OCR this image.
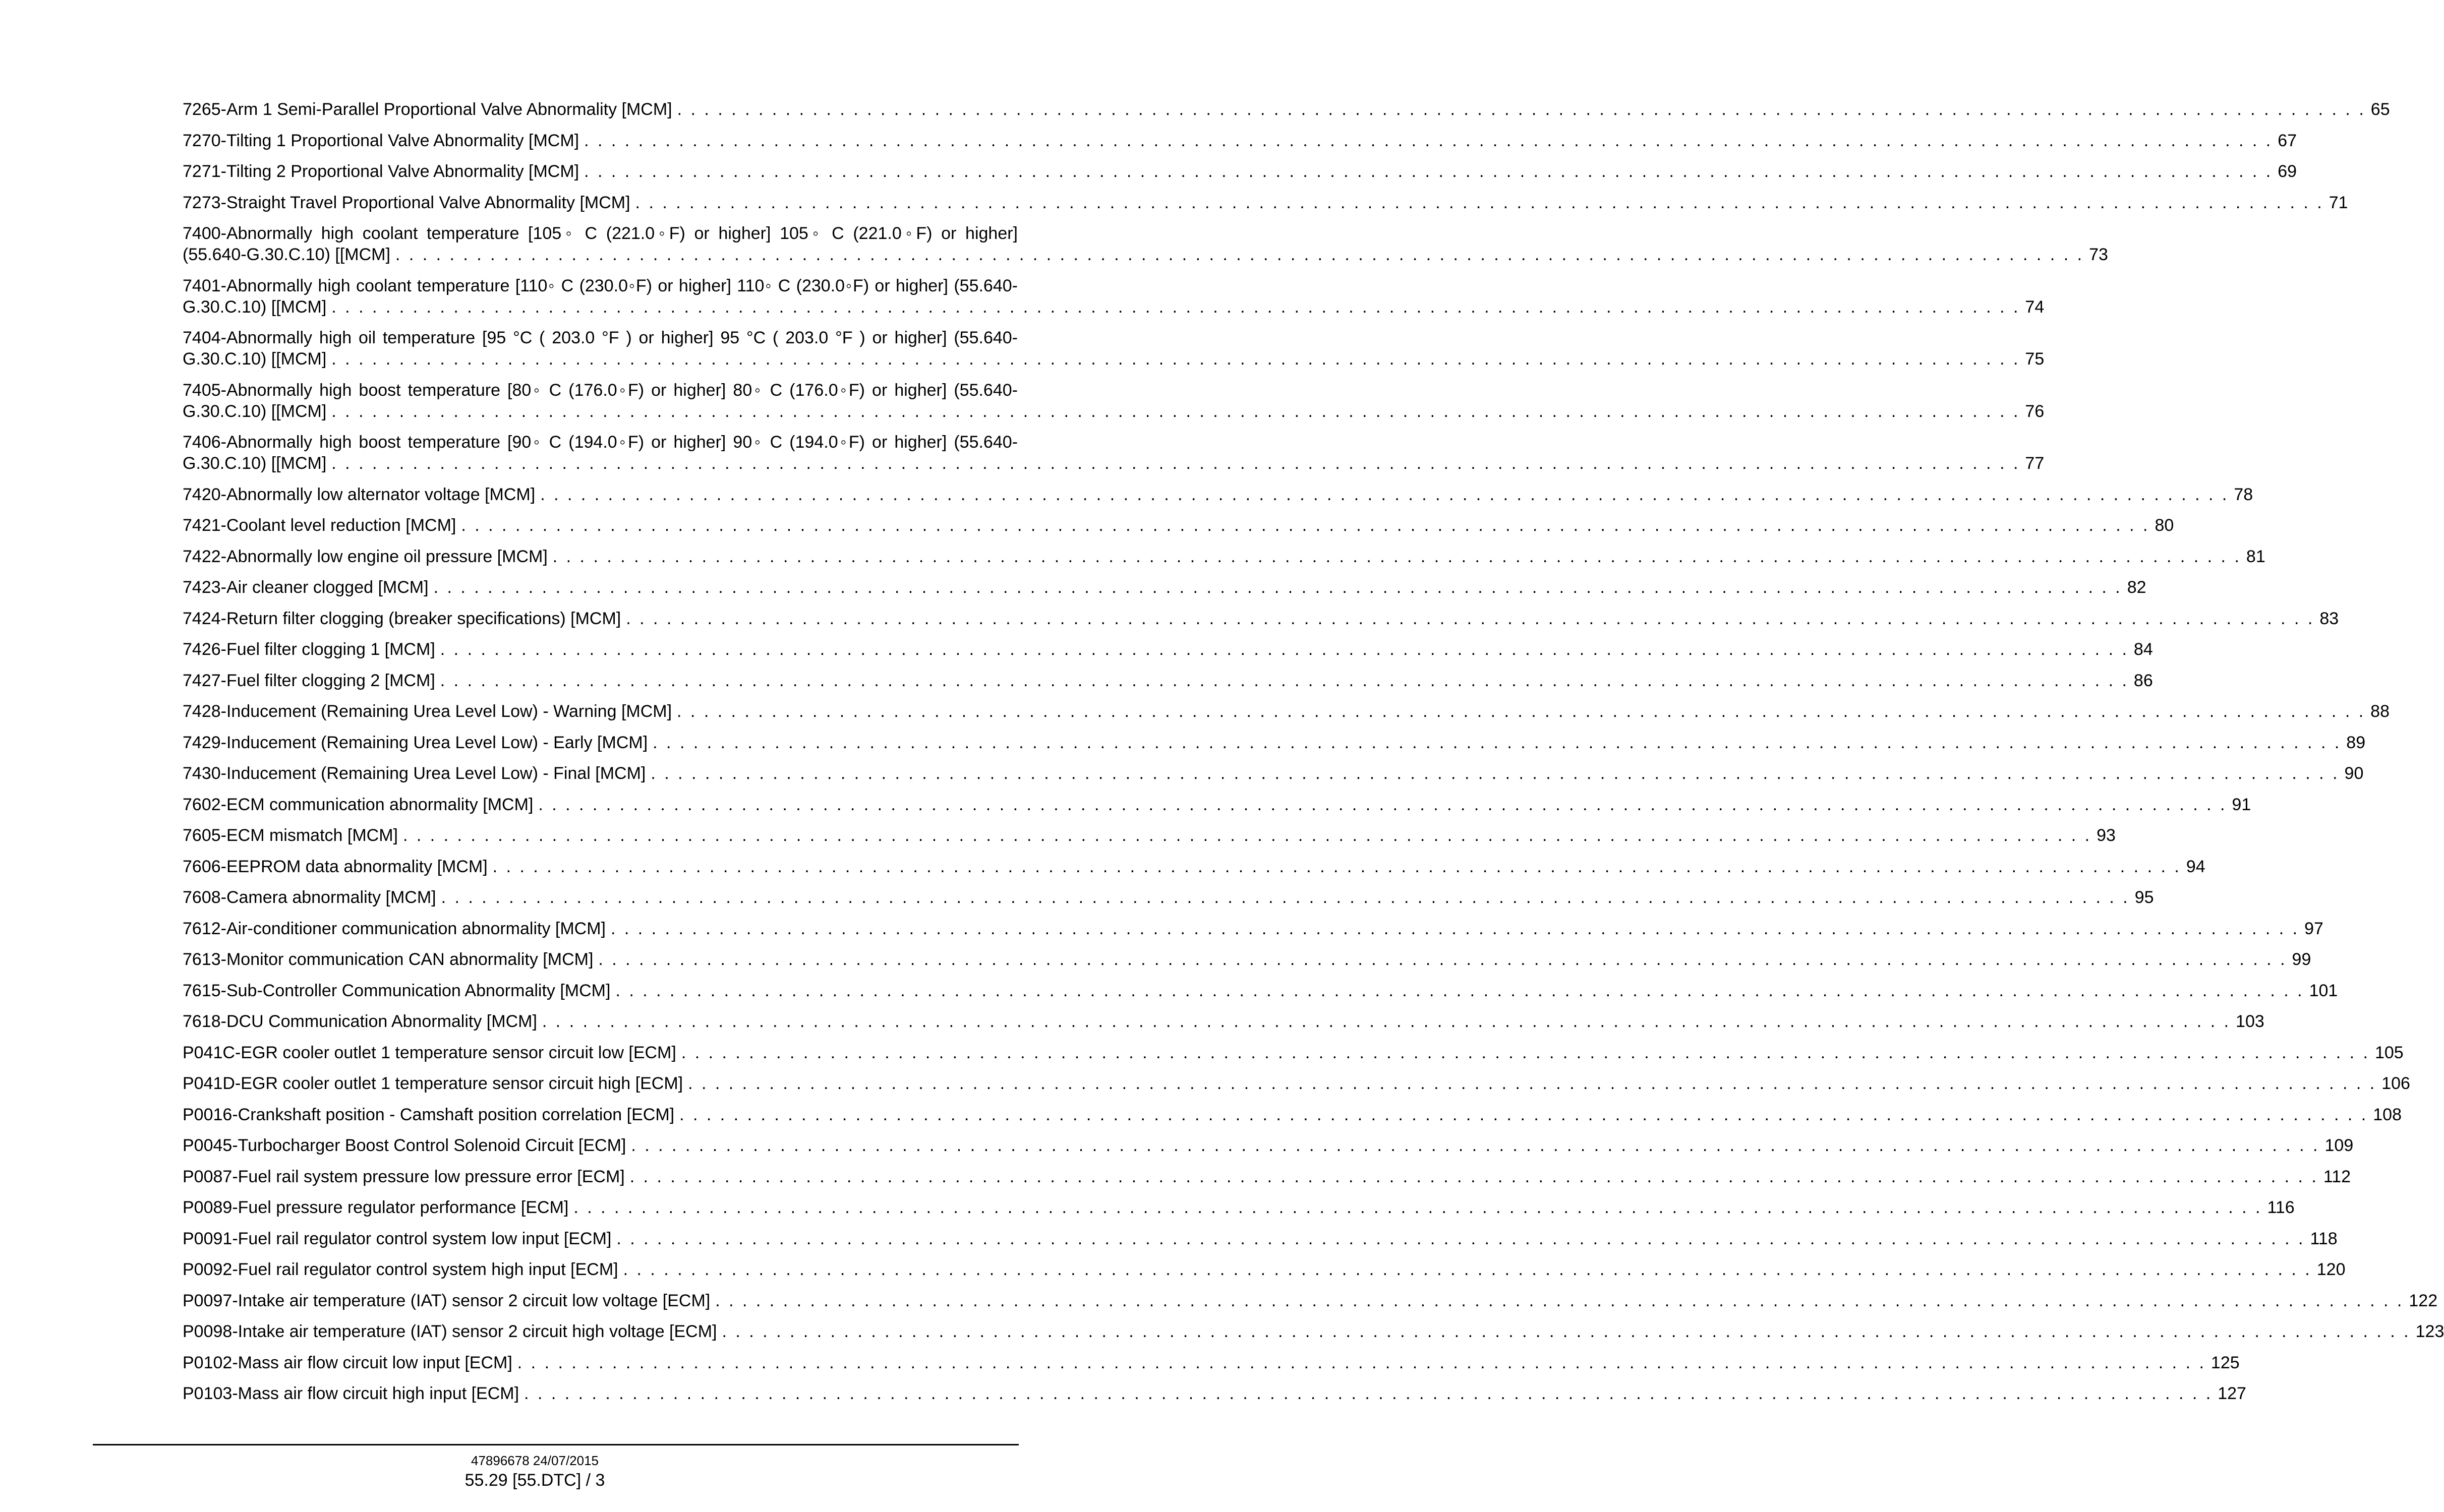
7265-Arm 1 Semi-Parallel Proportional Valve Abnormality [MCM] . . . . . . . . . . . . . . . . . . . . . . . . . . . . . . . . . . . . . . . . . . . . . . . . . . . . . . . . . . . . . . . . . . . . . . . . . . . . . . . . . . . . . . . . . . . . . . . . . . . . . . . . . . . . . . . . . . . . . . . . . . . . . 65
7270-Tilting 1 Proportional Valve Abnormality [MCM] . . . . . . . . . . . . . . . . . . . . . . . . . . . . . . . . . . . . . . . . . . . . . . . . . . . . . . . . . . . . . . . . . . . . . . . . . . . . . . . . . . . . . . . . . . . . . . . . . . . . . . . . . . . . . . . . . . . . . . . . . . . . . 67
7271-Tilting 2 Proportional Valve Abnormality [MCM] . . . . . . . . . . . . . . . . . . . . . . . . . . . . . . . . . . . . . . . . . . . . . . . . . . . . . . . . . . . . . . . . . . . . . . . . . . . . . . . . . . . . . . . . . . . . . . . . . . . . . . . . . . . . . . . . . . . . . . . . . . . . . 69
7273-Straight Travel Proportional Valve Abnormality [MCM] . . . . . . . . . . . . . . . . . . . . . . . . . . . . . . . . . . . . . . . . . . . . . . . . . . . . . . . . . . . . . . . . . . . . . . . . . . . . . . . . . . . . . . . . . . . . . . . . . . . . . . . . . . . . . . . . . . . . . . . . . . . . . 71
7400-Abnormally high coolant temperature [105◦ C (221.0◦F) or higher] 105◦ C (221.0◦F) or higher]
(55.640-G.30.C.10) [[MCM] . . . . . . . . . . . . . . . . . . . . . . . . . . . . . . . . . . . . . . . . . . . . . . . . . . . . . . . . . . . . . . . . . . . . . . . . . . . . . . . . . . . . . . . . . . . . . . . . . . . . . . . . . . . . . . . . . . . . . . . . . . . . . 73
7401-Abnormally high coolant temperature [110◦ C (230.0◦F) or higher] 110◦ C (230.0◦F) or higher] (55.640-
G.30.C.10) [[MCM] . . . . . . . . . . . . . . . . . . . . . . . . . . . . . . . . . . . . . . . . . . . . . . . . . . . . . . . . . . . . . . . . . . . . . . . . . . . . . . . . . . . . . . . . . . . . . . . . . . . . . . . . . . . . . . . . . . . . . . . . . . . . . 74
7404-Abnormally high oil temperature [95 °C ( 203.0 °F ) or higher] 95 °C ( 203.0 °F ) or higher] (55.640-
G.30.C.10) [[MCM] . . . . . . . . . . . . . . . . . . . . . . . . . . . . . . . . . . . . . . . . . . . . . . . . . . . . . . . . . . . . . . . . . . . . . . . . . . . . . . . . . . . . . . . . . . . . . . . . . . . . . . . . . . . . . . . . . . . . . . . . . . . . . 75
7405-Abnormally high boost temperature [80◦ C (176.0◦F) or higher] 80◦ C (176.0◦F) or higher] (55.640-
G.30.C.10) [[MCM] . . . . . . . . . . . . . . . . . . . . . . . . . . . . . . . . . . . . . . . . . . . . . . . . . . . . . . . . . . . . . . . . . . . . . . . . . . . . . . . . . . . . . . . . . . . . . . . . . . . . . . . . . . . . . . . . . . . . . . . . . . . . . 76
7406-Abnormally high boost temperature [90◦ C (194.0◦F) or higher] 90◦ C (194.0◦F) or higher] (55.640-
G.30.C.10) [[MCM] . . . . . . . . . . . . . . . . . . . . . . . . . . . . . . . . . . . . . . . . . . . . . . . . . . . . . . . . . . . . . . . . . . . . . . . . . . . . . . . . . . . . . . . . . . . . . . . . . . . . . . . . . . . . . . . . . . . . . . . . . . . . . 77
7420-Abnormally low alternator voltage [MCM] . . . . . . . . . . . . . . . . . . . . . . . . . . . . . . . . . . . . . . . . . . . . . . . . . . . . . . . . . . . . . . . . . . . . . . . . . . . . . . . . . . . . . . . . . . . . . . . . . . . . . . . . . . . . . . . . . . . . . . . . . . . . . 78
7421-Coolant level reduction [MCM] . . . . . . . . . . . . . . . . . . . . . . . . . . . . . . . . . . . . . . . . . . . . . . . . . . . . . . . . . . . . . . . . . . . . . . . . . . . . . . . . . . . . . . . . . . . . . . . . . . . . . . . . . . . . . . . . . . . . . . . . . . . . . 80
7422-Abnormally low engine oil pressure [MCM] . . . . . . . . . . . . . . . . . . . . . . . . . . . . . . . . . . . . . . . . . . . . . . . . . . . . . . . . . . . . . . . . . . . . . . . . . . . . . . . . . . . . . . . . . . . . . . . . . . . . . . . . . . . . . . . . . . . . . . . . . . . . . 81
7423-Air cleaner clogged [MCM] . . . . . . . . . . . . . . . . . . . . . . . . . . . . . . . . . . . . . . . . . . . . . . . . . . . . . . . . . . . . . . . . . . . . . . . . . . . . . . . . . . . . . . . . . . . . . . . . . . . . . . . . . . . . . . . . . . . . . . . . . . . . . 82
7424-Return filter clogging (breaker specifications) [MCM] . . . . . . . . . . . . . . . . . . . . . . . . . . . . . . . . . . . . . . . . . . . . . . . . . . . . . . . . . . . . . . . . . . . . . . . . . . . . . . . . . . . . . . . . . . . . . . . . . . . . . . . . . . . . . . . . . . . . . . . . . . . . . 83
7426-Fuel filter clogging 1 [MCM] . . . . . . . . . . . . . . . . . . . . . . . . . . . . . . . . . . . . . . . . . . . . . . . . . . . . . . . . . . . . . . . . . . . . . . . . . . . . . . . . . . . . . . . . . . . . . . . . . . . . . . . . . . . . . . . . . . . . . . . . . . . . . 84
7427-Fuel filter clogging 2 [MCM] . . . . . . . . . . . . . . . . . . . . . . . . . . . . . . . . . . . . . . . . . . . . . . . . . . . . . . . . . . . . . . . . . . . . . . . . . . . . . . . . . . . . . . . . . . . . . . . . . . . . . . . . . . . . . . . . . . . . . . . . . . . . . 86
7428-Inducement (Remaining Urea Level Low) - Warning [MCM] . . . . . . . . . . . . . . . . . . . . . . . . . . . . . . . . . . . . . . . . . . . . . . . . . . . . . . . . . . . . . . . . . . . . . . . . . . . . . . . . . . . . . . . . . . . . . . . . . . . . . . . . . . . . . . . . . . . . . . . . . . . . . 88
7429-Inducement (Remaining Urea Level Low) - Early [MCM] . . . . . . . . . . . . . . . . . . . . . . . . . . . . . . . . . . . . . . . . . . . . . . . . . . . . . . . . . . . . . . . . . . . . . . . . . . . . . . . . . . . . . . . . . . . . . . . . . . . . . . . . . . . . . . . . . . . . . . . . . . . . . 89
7430-Inducement (Remaining Urea Level Low) - Final [MCM] . . . . . . . . . . . . . . . . . . . . . . . . . . . . . . . . . . . . . . . . . . . . . . . . . . . . . . . . . . . . . . . . . . . . . . . . . . . . . . . . . . . . . . . . . . . . . . . . . . . . . . . . . . . . . . . . . . . . . . . . . . . . . 90
7602-ECM communication abnormality [MCM] . . . . . . . . . . . . . . . . . . . . . . . . . . . . . . . . . . . . . . . . . . . . . . . . . . . . . . . . . . . . . . . . . . . . . . . . . . . . . . . . . . . . . . . . . . . . . . . . . . . . . . . . . . . . . . . . . . . . . . . . . . . . . 91
7605-ECM mismatch [MCM] . . . . . . . . . . . . . . . . . . . . . . . . . . . . . . . . . . . . . . . . . . . . . . . . . . . . . . . . . . . . . . . . . . . . . . . . . . . . . . . . . . . . . . . . . . . . . . . . . . . . . . . . . . . . . . . . . . . . . . . . . . . . . 93
7606-EEPROM data abnormality [MCM] . . . . . . . . . . . . . . . . . . . . . . . . . . . . . . . . . . . . . . . . . . . . . . . . . . . . . . . . . . . . . . . . . . . . . . . . . . . . . . . . . . . . . . . . . . . . . . . . . . . . . . . . . . . . . . . . . . . . . . . . . . . . . 94
7608-Camera abnormality [MCM] . . . . . . . . . . . . . . . . . . . . . . . . . . . . . . . . . . . . . . . . . . . . . . . . . . . . . . . . . . . . . . . . . . . . . . . . . . . . . . . . . . . . . . . . . . . . . . . . . . . . . . . . . . . . . . . . . . . . . . . . . . . . . 95
7612-Air-conditioner communication abnormality [MCM] . . . . . . . . . . . . . . . . . . . . . . . . . . . . . . . . . . . . . . . . . . . . . . . . . . . . . . . . . . . . . . . . . . . . . . . . . . . . . . . . . . . . . . . . . . . . . . . . . . . . . . . . . . . . . . . . . . . . . . . . . . . . . 97
7613-Monitor communication CAN abnormality [MCM] . . . . . . . . . . . . . . . . . . . . . . . . . . . . . . . . . . . . . . . . . . . . . . . . . . . . . . . . . . . . . . . . . . . . . . . . . . . . . . . . . . . . . . . . . . . . . . . . . . . . . . . . . . . . . . . . . . . . . . . . . . . . . 99
7615-Sub-Controller Communication Abnormality [MCM] . . . . . . . . . . . . . . . . . . . . . . . . . . . . . . . . . . . . . . . . . . . . . . . . . . . . . . . . . . . . . . . . . . . . . . . . . . . . . . . . . . . . . . . . . . . . . . . . . . . . . . . . . . . . . . . . . . . . . . . . . . . . . 101
7618-DCU Communication Abnormality [MCM] . . . . . . . . . . . . . . . . . . . . . . . . . . . . . . . . . . . . . . . . . . . . . . . . . . . . . . . . . . . . . . . . . . . . . . . . . . . . . . . . . . . . . . . . . . . . . . . . . . . . . . . . . . . . . . . . . . . . . . . . . . . . . 103
P041C-EGR cooler outlet 1 temperature sensor circuit low [ECM] . . . . . . . . . . . . . . . . . . . . . . . . . . . . . . . . . . . . . . . . . . . . . . . . . . . . . . . . . . . . . . . . . . . . . . . . . . . . . . . . . . . . . . . . . . . . . . . . . . . . . . . . . . . . . . . . . . . . . . . . . . . . . 105
P041D-EGR cooler outlet 1 temperature sensor circuit high [ECM] . . . . . . . . . . . . . . . . . . . . . . . . . . . . . . . . . . . . . . . . . . . . . . . . . . . . . . . . . . . . . . . . . . . . . . . . . . . . . . . . . . . . . . . . . . . . . . . . . . . . . . . . . . . . . . . . . . . . . . . . . . . . . 106
P0016-Crankshaft position - Camshaft position correlation [ECM] . . . . . . . . . . . . . . . . . . . . . . . . . . . . . . . . . . . . . . . . . . . . . . . . . . . . . . . . . . . . . . . . . . . . . . . . . . . . . . . . . . . . . . . . . . . . . . . . . . . . . . . . . . . . . . . . . . . . . . . . . . . . . 108
P0045-Turbocharger Boost Control Solenoid Circuit [ECM] . . . . . . . . . . . . . . . . . . . . . . . . . . . . . . . . . . . . . . . . . . . . . . . . . . . . . . . . . . . . . . . . . . . . . . . . . . . . . . . . . . . . . . . . . . . . . . . . . . . . . . . . . . . . . . . . . . . . . . . . . . . . . 109
P0087-Fuel rail system pressure low pressure error [ECM] . . . . . . . . . . . . . . . . . . . . . . . . . . . . . . . . . . . . . . . . . . . . . . . . . . . . . . . . . . . . . . . . . . . . . . . . . . . . . . . . . . . . . . . . . . . . . . . . . . . . . . . . . . . . . . . . . . . . . . . . . . . . . 112
P0089-Fuel pressure regulator performance [ECM] . . . . . . . . . . . . . . . . . . . . . . . . . . . . . . . . . . . . . . . . . . . . . . . . . . . . . . . . . . . . . . . . . . . . . . . . . . . . . . . . . . . . . . . . . . . . . . . . . . . . . . . . . . . . . . . . . . . . . . . . . . . . . 116
P0091-Fuel rail regulator control system low input [ECM] . . . . . . . . . . . . . . . . . . . . . . . . . . . . . . . . . . . . . . . . . . . . . . . . . . . . . . . . . . . . . . . . . . . . . . . . . . . . . . . . . . . . . . . . . . . . . . . . . . . . . . . . . . . . . . . . . . . . . . . . . . . . . 118
P0092-Fuel rail regulator control system high input [ECM] . . . . . . . . . . . . . . . . . . . . . . . . . . . . . . . . . . . . . . . . . . . . . . . . . . . . . . . . . . . . . . . . . . . . . . . . . . . . . . . . . . . . . . . . . . . . . . . . . . . . . . . . . . . . . . . . . . . . . . . . . . . . . 120
P0097-Intake air temperature (IAT) sensor 2 circuit low voltage [ECM] . . . . . . . . . . . . . . . . . . . . . . . . . . . . . . . . . . . . . . . . . . . . . . . . . . . . . . . . . . . . . . . . . . . . . . . . . . . . . . . . . . . . . . . . . . . . . . . . . . . . . . . . . . . . . . . . . . . . . . . . . . . . . 122
P0098-Intake air temperature (IAT) sensor 2 circuit high voltage [ECM] . . . . . . . . . . . . . . . . . . . . . . . . . . . . . . . . . . . . . . . . . . . . . . . . . . . . . . . . . . . . . . . . . . . . . . . . . . . . . . . . . . . . . . . . . . . . . . . . . . . . . . . . . . . . . . . . . . . . . . . . . . . . . 123
P0102-Mass air flow circuit low input [ECM] . . . . . . . . . . . . . . . . . . . . . . . . . . . . . . . . . . . . . . . . . . . . . . . . . . . . . . . . . . . . . . . . . . . . . . . . . . . . . . . . . . . . . . . . . . . . . . . . . . . . . . . . . . . . . . . . . . . . . . . . . . . . . 125
P0103-Mass air flow circuit high input [ECM] . . . . . . . . . . . . . . . . . . . . . . . . . . . . . . . . . . . . . . . . . . . . . . . . . . . . . . . . . . . . . . . . . . . . . . . . . . . . . . . . . . . . . . . . . . . . . . . . . . . . . . . . . . . . . . . . . . . . . . . . . . . . . 127
47896678 24/07/2015
55.29 [55.DTC] / 3
